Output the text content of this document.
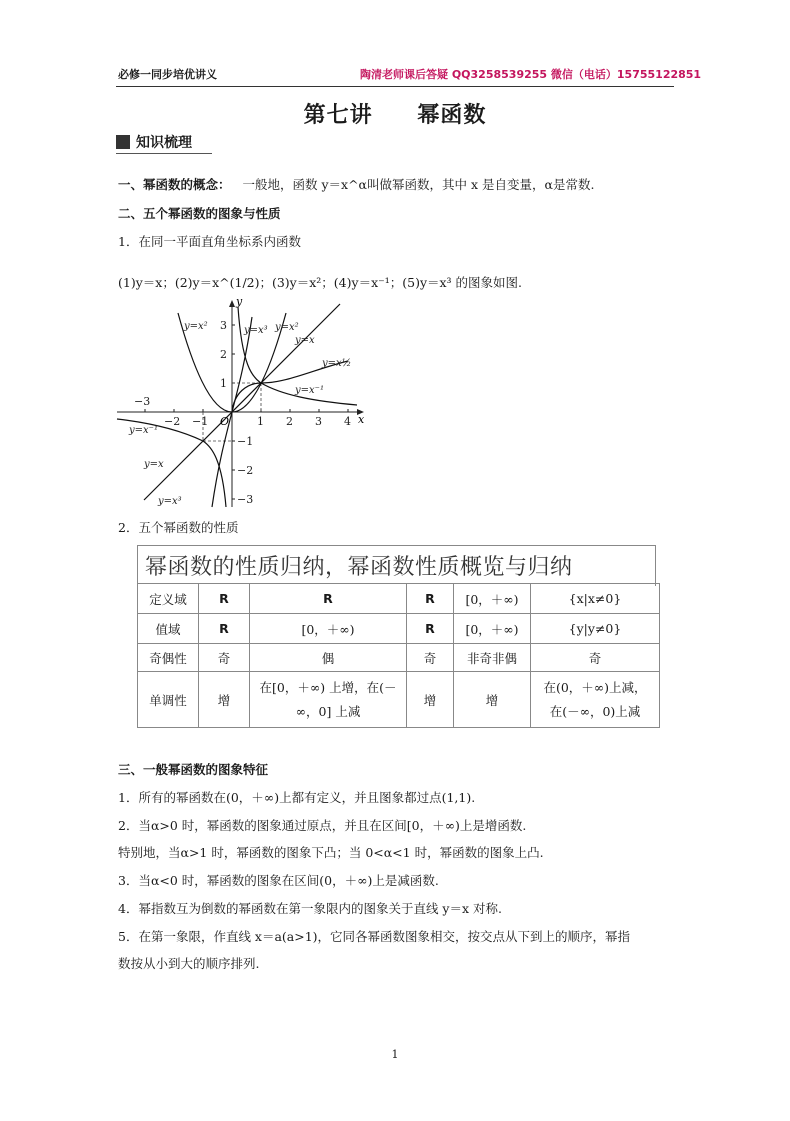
必修一同步培优讲义	陶清老师课后答疑 QQ3258539255 微信（电话）15755122851
第七讲 幂函数
知识梳理
一、幂函数的概念： 一般地，函数 y＝x^α叫做幂函数，其中 x 是自变量，α是常数.
二、五个幂函数的图象与性质
1．在同一平面直角坐标系内函数
(1)y＝x；(2)y＝x^(1/2)；(3)y＝x²；(4)y＝x⁻¹；(5)y＝x³ 的图象如图.
−3
−2 −1	1 2 3 4
3
2
1
−1
−2
−3
x
y
O
y=x²	y=x³ y=x²
y=x
y=x½
y=x⁻¹
y=x⁻¹
y=x
y=x³
2．五个幂函数的性质
幂函数的性质归纳，幂函数性质概览与归纳
定义域	R	R	R	[0，＋∞)	{x|x≠0}
值域	R	[0，＋∞)	R	[0，＋∞)	{y|y≠0}
奇偶性	奇	偶	奇	非奇非偶	奇
单调性	增	在[0，＋∞) 上增，在(－∞，0] 上减	增	增	在(0，＋∞)上减，在(－∞，0)上减
三、一般幂函数的图象特征
1．所有的幂函数在(0，＋∞)上都有定义，并且图象都过点(1,1).
2．当α>0 时，幂函数的图象通过原点，并且在区间[0，＋∞)上是增函数.
特别地，当α>1 时，幂函数的图象下凸；当 0<α<1 时，幂函数的图象上凸.
3．当α<0 时，幂函数的图象在区间(0，＋∞)上是减函数.
4．幂指数互为倒数的幂函数在第一象限内的图象关于直线 y＝x 对称.
5．在第一象限，作直线 x＝a(a>1)，它同各幂函数图象相交，按交点从下到上的顺序，幂指
数按从小到大的顺序排列.
1
